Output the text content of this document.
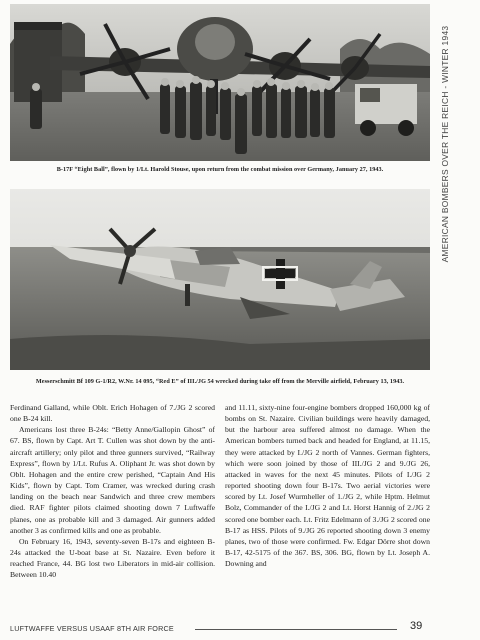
B-17F “Eight Ball”, flown by 1/Lt. Harold Stouse, upon return from the combat mission over Germany, January 27, 1943.
Messerschmitt Bf 109 G-1/R2, W.Nr. 14 095, “Red E” of III./JG 54 wrecked during take off from the Merville airfield, February 13, 1943.
AMERICAN BOMBERS OVER THE REICH - WINTER 1943

Ferdinand Galland, while Oblt. Erich Hohagen of 7./JG 2 scored one B-24 kill.

Americans lost three B-24s: “Betty Anne/Gallopin Ghost” of 67. BS, flown by Capt. Art T. Cullen was shot down by the anti-aircraft artillery; only pilot and three gunners survived, “Railway Express”, flown by 1/Lt. Rufus A. Oliphant Jr. was shot down by Oblt. Hohagen and the entire crew perished, “Captain And His Kids”, flown by Capt. Tom Cramer, was wrecked during crash landing on the beach near Sandwich and three crew members died. RAF fighter pilots claimed shooting down 7 Luftwaffe planes, one as probable kill and 3 damaged. Air gunners added another 3 as confirmed kills and one as probable.

On February 16, 1943, seventy-seven B-17s and eighteen B-24s attacked the U-boat base at St. Nazaire. Even before it reached France, 44. BG lost two Liberators in mid-air collision. Between 10.40

and 11.11, sixty-nine four-engine bombers dropped 160,000 kg of bombs on St. Nazaire. Civilian buildings were heavily damaged, but the harbour area suffered almost no damage. When the American bombers turned back and headed for England, at 11.15, they were attacked by I./JG 2 north of Vannes. German fighters, which were soon joined by those of III./JG 2 and 9./JG 26, attacked in waves for the next 45 minutes. Pilots of I./JG 2 reported shooting down four B-17s. Two aerial victories were scored by Lt. Josef Wurmheller of 1./JG 2, while Hptm. Helmut Bolz, Commander of the I./JG 2 and Lt. Horst Hannig of 2./JG 2 scored one bomber each. Lt. Fritz Edelmann of 3./JG 2 scored one B-17 as HSS. Pilots of 9./JG 26 reported shooting down 3 enemy planes, two of those were confirmed. Fw. Edgar Dörre shot down B-17, 42-5175 of the 367. BS, 306. BG, flown by Lt. Joseph A. Downing and

LUFTWAFFE VERSUS USAAF 8TH AIR FORCE	39
